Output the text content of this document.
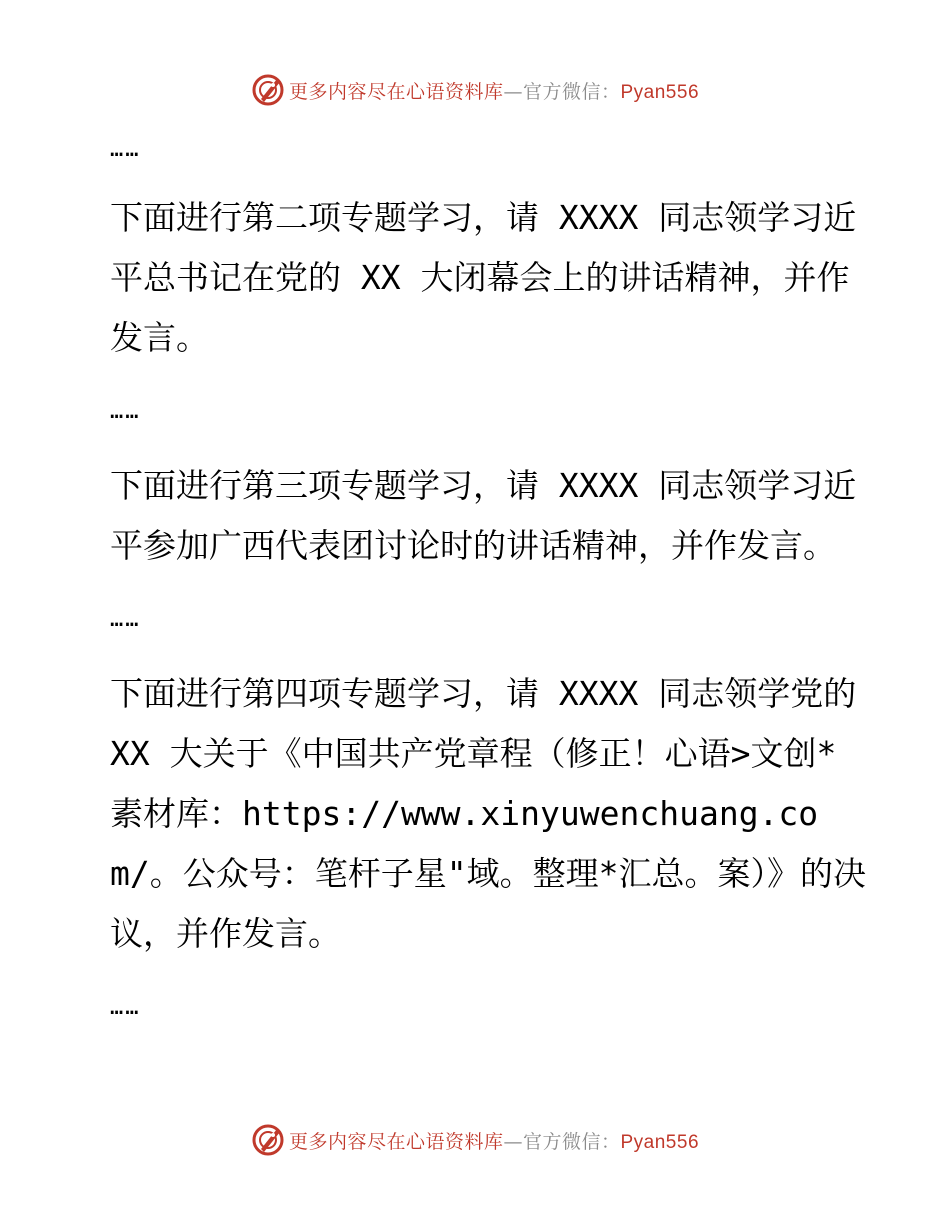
更多内容尽在心语资料库—官方微信：Pyan556

……

下面进行第二项专题学习，请 XXXX 同志领学习近平总书记在党的 XX 大闭幕会上的讲话精神，并作发言。

……

下面进行第三项专题学习，请 XXXX 同志领学习近平参加广西代表团讨论时的讲话精神，并作发言。

……

下面进行第四项专题学习，请 XXXX 同志领学党的 XX 大关于《中国共产党章程（修正！心语>文创*素材库：https://www.xinyuwenchuang.com/。公众号：笔杆子星"域。整理*汇总。案）》的决议，并作发言。

……

更多内容尽在心语资料库—官方微信：Pyan556
